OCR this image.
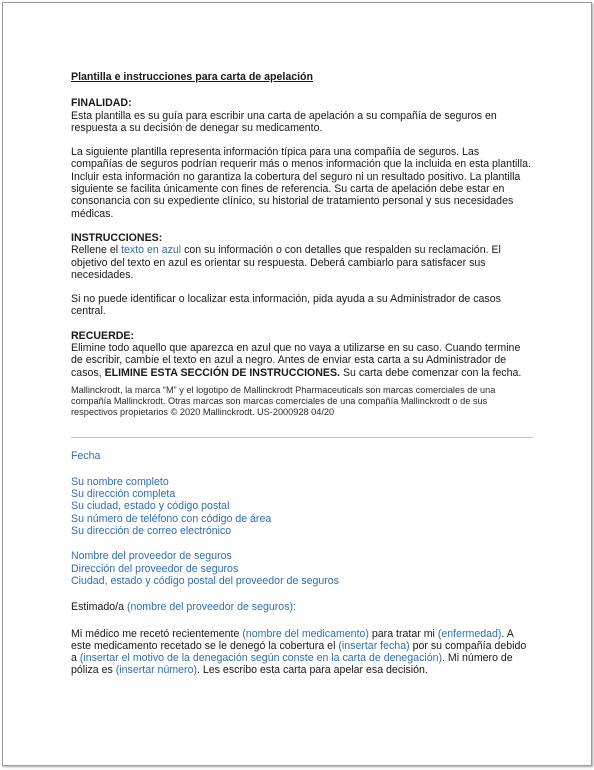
Plantilla e instrucciones para carta de apelación

FINALIDAD:

Esta plantilla es su guía para escribir una carta de apelación a su compañía de seguros en respuesta a su decisión de denegar su medicamento.

La siguiente plantilla representa información típica para una compañía de seguros. Las compañías de seguros podrían requerir más o menos información que la incluida en esta plantilla. Incluir esta información no garantiza la cobertura del seguro ni un resultado positivo. La plantilla siguiente se facilita únicamente con fines de referencia. Su carta de apelación debe estar en consonancia con su expediente clínico, su historial de tratamiento personal y sus necesidades médicas.

INSTRUCCIONES:

Rellene el texto en azul con su información o con detalles que respalden su reclamación. El objetivo del texto en azul es orientar su respuesta. Deberá cambiarlo para satisfacer sus necesidades.

Si no puede identificar o localizar esta información, pida ayuda a su Administrador de casos central.

RECUERDE:

Elimine todo aquello que aparezca en azul que no vaya a utilizarse en su caso. Cuando termine de escribir, cambie el texto en azul a negro. Antes de enviar esta carta a su Administrador de casos, ELIMINE ESTA SECCIÓN DE INSTRUCCIONES. Su carta debe comenzar con la fecha.

Mallinckrodt, la marca “M” y el logotipo de Mallinckrodt Pharmaceuticals son marcas comerciales de una compañía Mallinckrodt. Otras marcas son marcas comerciales de una compañía Mallinckrodt o de sus respectivos propietarios © 2020 Mallinckrodt. US-2000928 04/20

Fecha
Su nombre completo
Su dirección completa
Su ciudad, estado y código postal
Su número de teléfono con código de área
Su dirección de correo electrónico
Nombre del proveedor de seguros
Dirección del proveedor de seguros
Ciudad, estado y código postal del proveedor de seguros

Estimado/a (nombre del proveedor de seguros):

Mi médico me recetó recientemente (nombre del medicamento) para tratar mi (enfermedad). A este medicamento recetado se le denegó la cobertura el (insertar fecha) por su compañía debido a (insertar el motivo de la denegación según conste en la carta de denegación). Mi número de póliza es (insertar número). Les escribo esta carta para apelar esa decisión.
